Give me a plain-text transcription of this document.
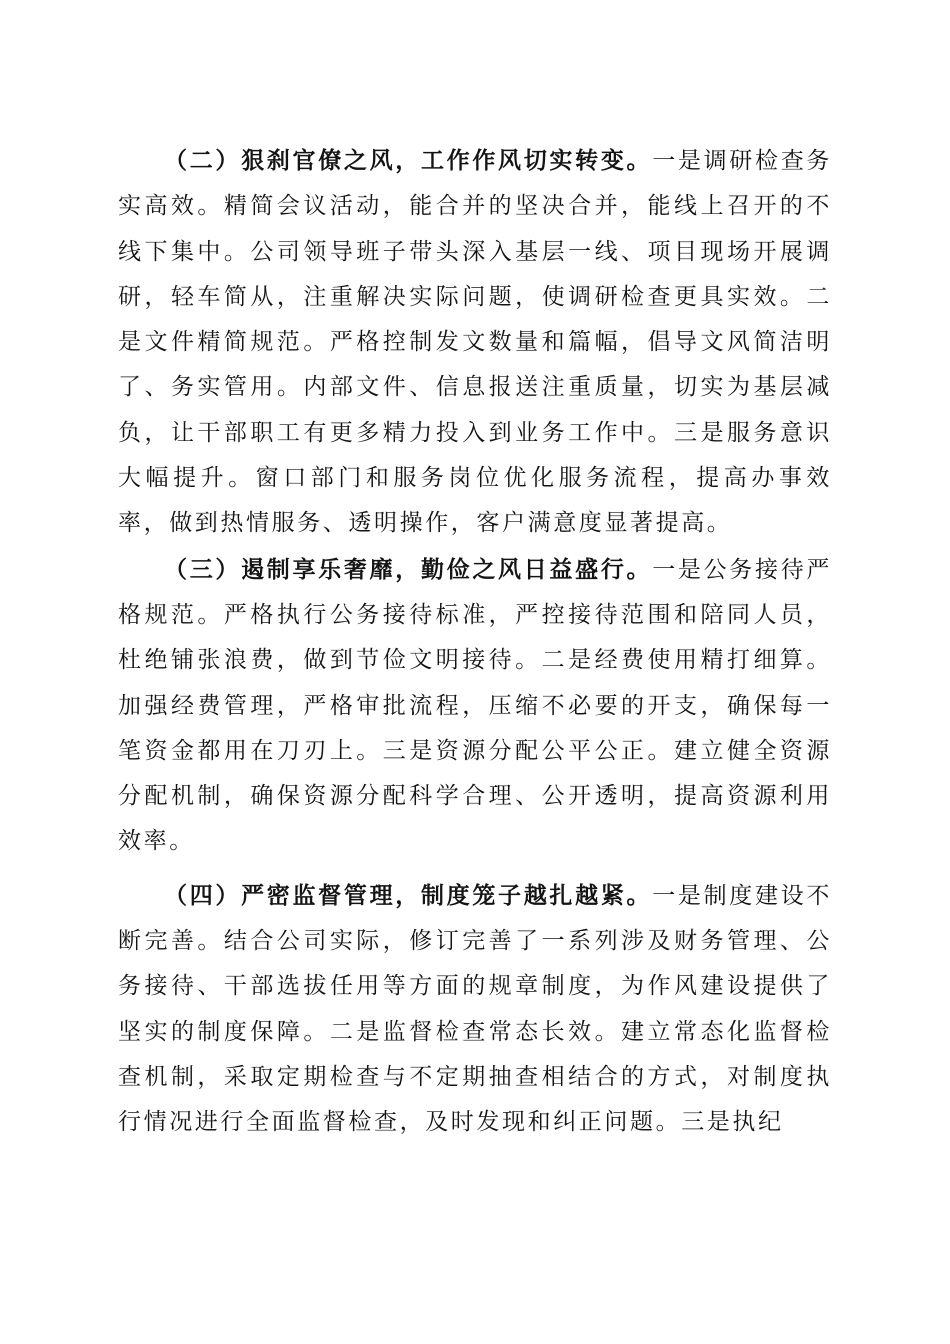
（二）狠刹官僚之风，工作作风切实转变。一是调研检查务实高效。精简会议活动，能合并的坚决合并，能线上召开的不线下集中。公司领导班子带头深入基层一线、项目现场开展调研，轻车简从，注重解决实际问题，使调研检查更具实效。二是文件精简规范。严格控制发文数量和篇幅，倡导文风简洁明了、务实管用。内部文件、信息报送注重质量，切实为基层减负，让干部职工有更多精力投入到业务工作中。三是服务意识大幅提升。窗口部门和服务岗位优化服务流程，提高办事效率，做到热情服务、透明操作，客户满意度显著提高。

（三）遏制享乐奢靡，勤俭之风日益盛行。一是公务接待严格规范。严格执行公务接待标准，严控接待范围和陪同人员，杜绝铺张浪费，做到节俭文明接待。二是经费使用精打细算。加强经费管理，严格审批流程，压缩不必要的开支，确保每一笔资金都用在刀刃上。三是资源分配公平公正。建立健全资源分配机制，确保资源分配科学合理、公开透明，提高资源利用效率。

（四）严密监督管理，制度笼子越扎越紧。一是制度建设不断完善。结合公司实际，修订完善了一系列涉及财务管理、公务接待、干部选拔任用等方面的规章制度，为作风建设提供了坚实的制度保障。二是监督检查常态长效。建立常态化监督检查机制，采取定期检查与不定期抽查相结合的方式，对制度执行情况进行全面监督检查，及时发现和纠正问题。三是执纪
